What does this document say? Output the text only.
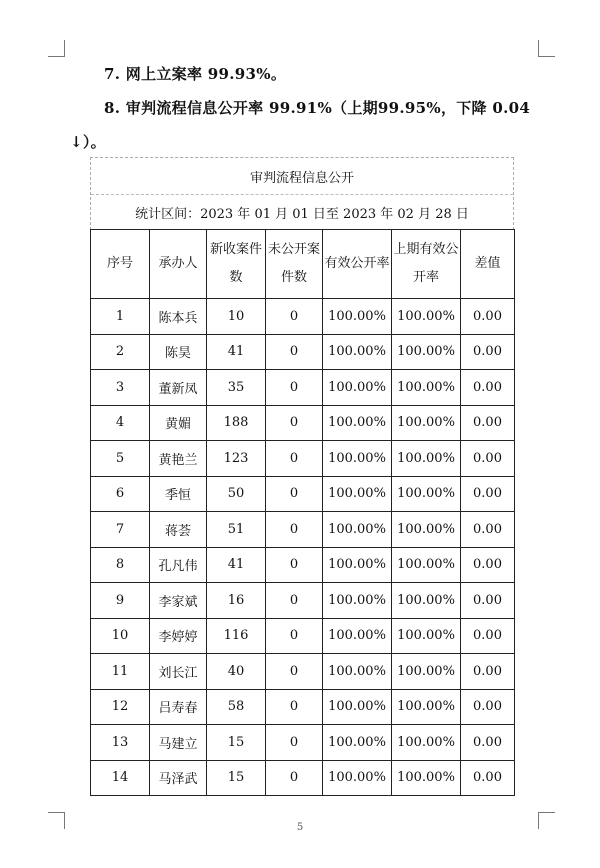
7. 网上立案率 99.93%。
8. 审判流程信息公开率 99.91%（上期99.95%，下降 0.04
↓）。
审判流程信息公开
统计区间：2023 年 01 月 01 日至 2023 年 02 月 28 日
序号	承办人	新收案件数	未公开案件数	有效公开率	上期有效公开率	差值
1	陈本兵	10	0	100.00%	100.00%	0.00
2	陈昊	41	0	100.00%	100.00%	0.00
3	董新凤	35	0	100.00%	100.00%	0.00
4	黄媚	188	0	100.00%	100.00%	0.00
5	黄艳兰	123	0	100.00%	100.00%	0.00
6	季恒	50	0	100.00%	100.00%	0.00
7	蒋荟	51	0	100.00%	100.00%	0.00
8	孔凡伟	41	0	100.00%	100.00%	0.00
9	李家斌	16	0	100.00%	100.00%	0.00
10	李婷婷	116	0	100.00%	100.00%	0.00
11	刘长江	40	0	100.00%	100.00%	0.00
12	吕寿春	58	0	100.00%	100.00%	0.00
13	马建立	15	0	100.00%	100.00%	0.00
14	马泽武	15	0	100.00%	100.00%	0.00
5
